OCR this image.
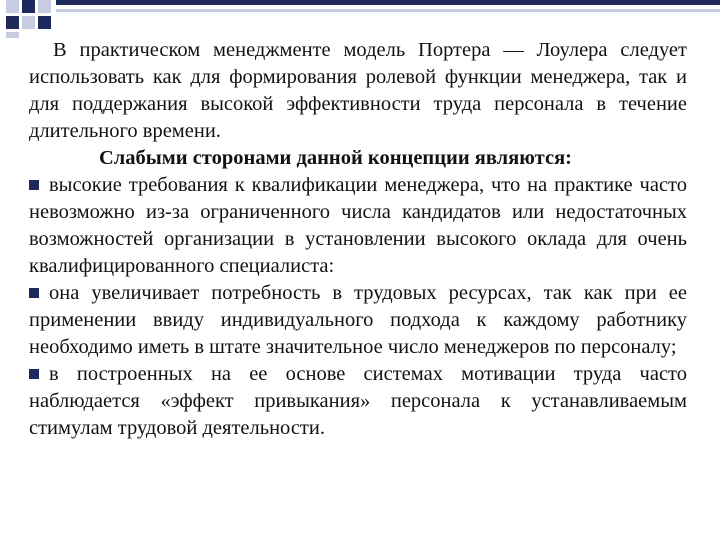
В практическом менеджменте модель Портера — Лоулера следует использовать как для формирования ролевой функции менеджера, так и для поддержания высокой эффективности труда персонала в течение длительного времени.

Слабыми сторонами данной концепции являются:

высокие требования к квалификации менеджера, что на практике часто невозможно из-за ограниченного числа кандидатов или недостаточных возможностей организации в установлении высокого оклада для очень квалифицированного специалиста:

она увеличивает потребность в трудовых ресурсах, так как при ее применении ввиду индивидуального подхода к каждому работнику необходимо иметь в штате значительное число менеджеров по персоналу;

в построенных на ее основе системах мотивации труда часто наблюдается «эффект привыкания» персонала к устанавливаемым стимулам трудовой деятельности.
